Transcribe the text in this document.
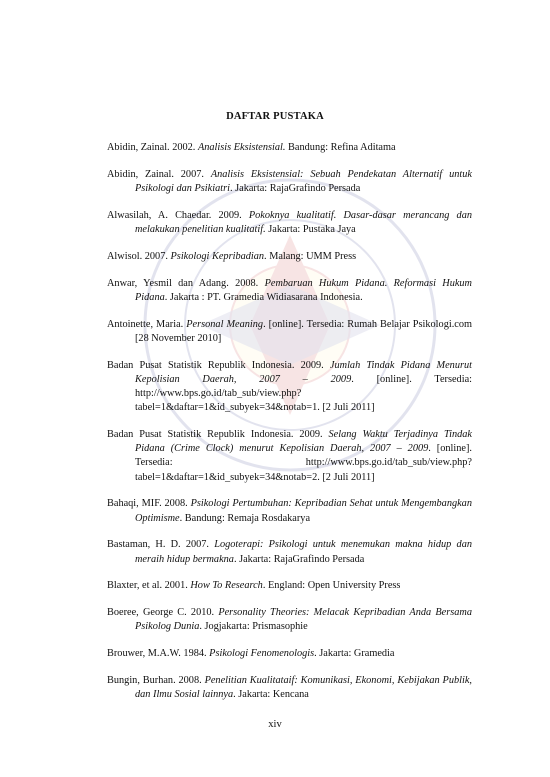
DAFTAR PUSTAKA

Abidin, Zainal. 2002. Analisis Eksistensial. Bandung: Refina Aditama

Abidin, Zainal. 2007. Analisis Eksistensial: Sebuah Pendekatan Alternatif untuk Psikologi dan Psikiatri. Jakarta: RajaGrafindo Persada

Alwasilah, A. Chaedar. 2009. Pokoknya kualitatif. Dasar-dasar merancang dan melakukan penelitian kualitatif. Jakarta: Pustaka Jaya

Alwisol. 2007. Psikologi Kepribadian. Malang: UMM Press

Anwar, Yesmil dan Adang. 2008. Pembaruan Hukum Pidana. Reformasi Hukum Pidana. Jakarta : PT. Gramedia Widiasarana Indonesia.

Antoinette, Maria. Personal Meaning. [online]. Tersedia: Rumah Belajar Psikologi.com [28 November 2010]

Badan Pusat Statistik Republik Indonesia. 2009. Jumlah Tindak Pidana Menurut Kepolisian Daerah, 2007 – 2009. [online]. Tersedia: http://www.bps.go.id/tab_sub/view.php?tabel=1&daftar=1&id_subyek=34&notab=1. [2 Juli 2011]

Badan Pusat Statistik Republik Indonesia. 2009. Selang Waktu Terjadinya Tindak Pidana (Crime Clock) menurut Kepolisian Daerah, 2007 – 2009. [online]. Tersedia: http://www.bps.go.id/tab_sub/view.php?tabel=1&daftar=1&id_subyek=34&notab=2. [2 Juli 2011]

Bahaqi, MIF. 2008. Psikologi Pertumbuhan: Kepribadian Sehat untuk Mengembangkan Optimisme. Bandung: Remaja Rosdakarya

Bastaman, H. D. 2007. Logoterapi: Psikologi untuk menemukan makna hidup dan meraih hidup bermakna. Jakarta: RajaGrafindo Persada

Blaxter, et al. 2001. How To Research. England: Open University Press

Boeree, George C. 2010. Personality Theories: Melacak Kepribadian Anda Bersama Psikolog Dunia. Jogjakarta: Prismasophie

Brouwer, M.A.W. 1984. Psikologi Fenomenologis. Jakarta: Gramedia

Bungin, Burhan. 2008. Penelitian Kualitataif: Komunikasi, Ekonomi, Kebijakan Publik, dan Ilmu Sosial lainnya. Jakarta: Kencana

xiv
